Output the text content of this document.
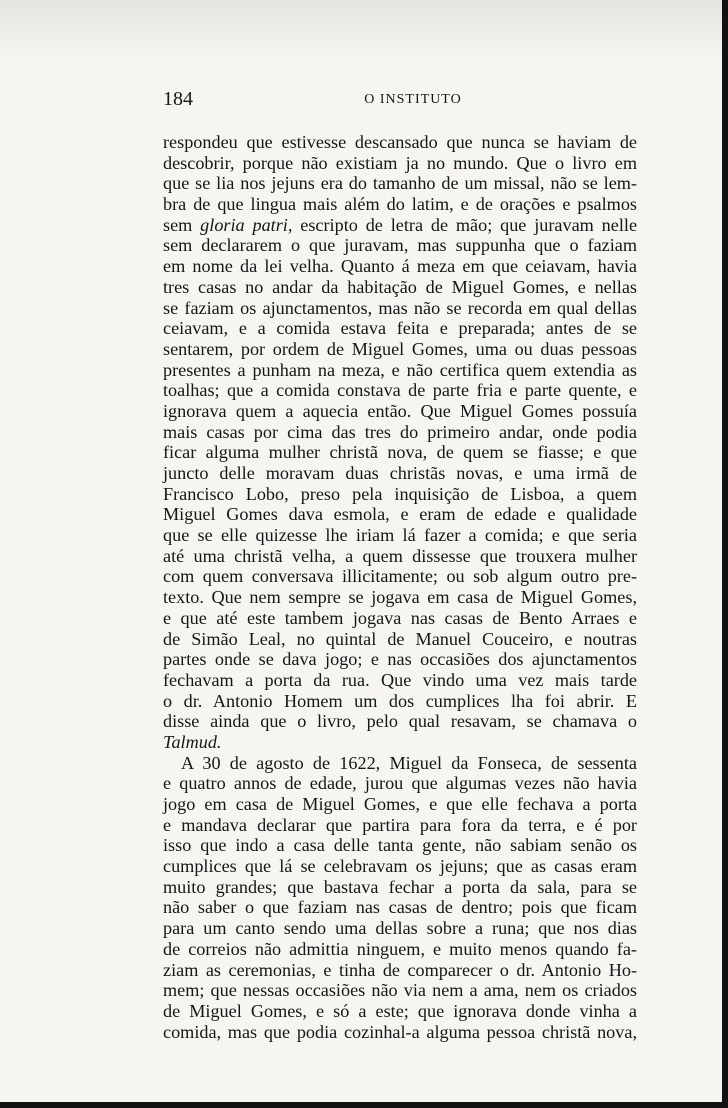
184	O INSTITUTO
respondeu que estivesse descansado que nunca se haviam de
descobrir, porque não existiam ja no mundo. Que o livro em
que se lia nos jejuns era do tamanho de um missal, não se lem-
bra de que lingua mais além do latim, e de orações e psalmos
sem gloria patri, escripto de letra de mão; que juravam nelle
sem declararem o que juravam, mas suppunha que o faziam
em nome da lei velha. Quanto á meza em que ceiavam, havia
tres casas no andar da habitação de Miguel Gomes, e nellas
se faziam os ajunctamentos, mas não se recorda em qual dellas
ceiavam, e a comida estava feita e preparada; antes de se
sentarem, por ordem de Miguel Gomes, uma ou duas pessoas
presentes a punham na meza, e não certifica quem extendia as
toalhas; que a comida constava de parte fria e parte quente, e
ignorava quem a aquecia então. Que Miguel Gomes possuía
mais casas por cima das tres do primeiro andar, onde podia
ficar alguma mulher christã nova, de quem se fiasse; e que
juncto delle moravam duas christãs novas, e uma irmã de
Francisco Lobo, preso pela inquisição de Lisboa, a quem
Miguel Gomes dava esmola, e eram de edade e qualidade
que se elle quizesse lhe iriam lá fazer a comida; e que seria
até uma christã velha, a quem dissesse que trouxera mulher
com quem conversava illicitamente; ou sob algum outro pre-
texto. Que nem sempre se jogava em casa de Miguel Gomes,
e que até este tambem jogava nas casas de Bento Arraes e
de Simão Leal, no quintal de Manuel Couceiro, e noutras
partes onde se dava jogo; e nas occasiões dos ajunctamentos
fechavam a porta da rua. Que vindo uma vez mais tarde
o dr. Antonio Homem um dos cumplices lha foi abrir. E
disse ainda que o livro, pelo qual resavam, se chamava o
Talmud.
A 30 de agosto de 1622, Miguel da Fonseca, de sessenta
e quatro annos de edade, jurou que algumas vezes não havia
jogo em casa de Miguel Gomes, e que elle fechava a porta
e mandava declarar que partira para fora da terra, e é por
isso que indo a casa delle tanta gente, não sabiam senão os
cumplices que lá se celebravam os jejuns; que as casas eram
muito grandes; que bastava fechar a porta da sala, para se
não saber o que faziam nas casas de dentro; pois que ficam
para um canto sendo uma dellas sobre a runa; que nos dias
de correios não admittia ninguem, e muito menos quando fa-
ziam as ceremonias, e tinha de comparecer o dr. Antonio Ho-
mem; que nessas occasiões não via nem a ama, nem os criados
de Miguel Gomes, e só a este; que ignorava donde vinha a
comida, mas que podia cozinhal-a alguma pessoa christã nova,
